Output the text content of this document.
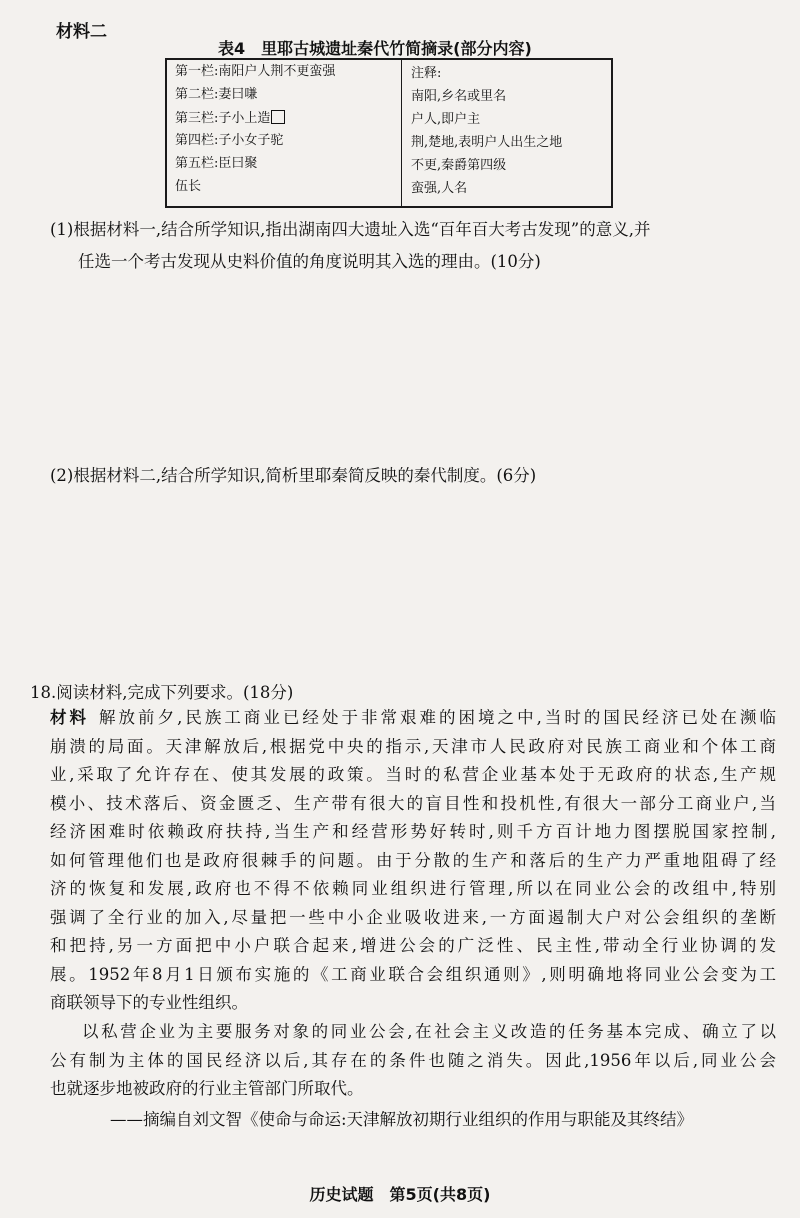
材料二
表4　里耶古城遗址秦代竹简摘录(部分内容)
第一栏:南阳户人荆不更蛮强
第二栏:妻曰嗛
第三栏:子小上造
第四栏:子小女子驼
第五栏:臣曰聚
伍长
注释:
南阳,乡名或里名
户人,即户主
荆,楚地,表明户人出生之地
不更,秦爵第四级
蛮强,人名
(1)根据材料一,结合所学知识,指出湖南四大遗址入选“百年百大考古发现”的意义,并
任选一个考古发现从史料价值的角度说明其入选的理由。(10分)
(2)根据材料二,结合所学知识,简析里耶秦简反映的秦代制度。(6分)
18.阅读材料,完成下列要求。(18分)
材料 解放前夕,民族工商业已经处于非常艰难的困境之中,当时的国民经济已处在濒临
崩溃的局面。天津解放后,根据党中央的指示,天津市人民政府对民族工商业和个体工商
业,采取了允许存在、使其发展的政策。当时的私营企业基本处于无政府的状态,生产规
模小、技术落后、资金匮乏、生产带有很大的盲目性和投机性,有很大一部分工商业户,当
经济困难时依赖政府扶持,当生产和经营形势好转时,则千方百计地力图摆脱国家控制,
如何管理他们也是政府很棘手的问题。由于分散的生产和落后的生产力严重地阻碍了经
济的恢复和发展,政府也不得不依赖同业组织进行管理,所以在同业公会的改组中,特别
强调了全行业的加入,尽量把一些中小企业吸收进来,一方面遏制大户对公会组织的垄断
和把持,另一方面把中小户联合起来,增进公会的广泛性、民主性,带动全行业协调的发
展。1952年8月1日颁布实施的《工商业联合会组织通则》,则明确地将同业公会变为工
商联领导下的专业性组织。
以私营企业为主要服务对象的同业公会,在社会主义改造的任务基本完成、确立了以
公有制为主体的国民经济以后,其存在的条件也随之消失。因此,1956年以后,同业公会
也就逐步地被政府的行业主管部门所取代。
——摘编自刘文智《使命与命运:天津解放初期行业组织的作用与职能及其终结》
历史试题　第5页(共8页)
